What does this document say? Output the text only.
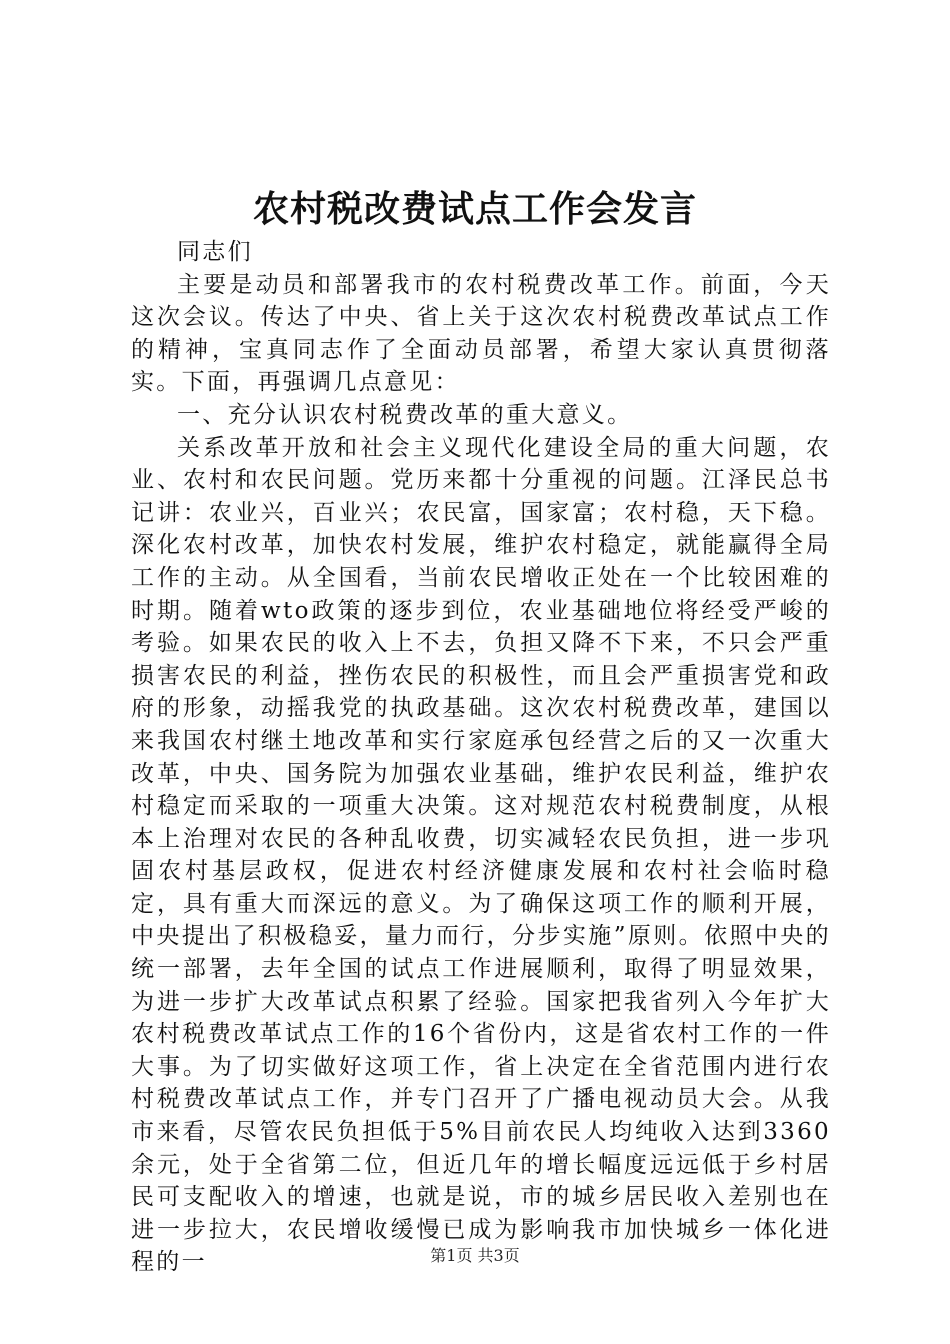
农村税改费试点工作会发言

同志们

主要是动员和部署我市的农村税费改革工作。前面，今天这次会议。传达了中央、省上关于这次农村税费改革试点工作的精神，宝真同志作了全面动员部署，希望大家认真贯彻落实。下面，再强调几点意见：

一、充分认识农村税费改革的重大意义。

关系改革开放和社会主义现代化建设全局的重大问题，农业、农村和农民问题。党历来都十分重视的问题。江泽民总书记讲：农业兴，百业兴；农民富，国家富；农村稳，天下稳。深化农村改革，加快农村发展，维护农村稳定，就能赢得全局工作的主动。从全国看，当前农民增收正处在一个比较困难的时期。随着wto政策的逐步到位，农业基础地位将经受严峻的考验。如果农民的收入上不去，负担又降不下来，不只会严重损害农民的利益，挫伤农民的积极性，而且会严重损害党和政府的形象，动摇我党的执政基础。这次农村税费改革，建国以来我国农村继土地改革和实行家庭承包经营之后的又一次重大改革，中央、国务院为加强农业基础，维护农民利益，维护农村稳定而采取的一项重大决策。这对规范农村税费制度，从根本上治理对农民的各种乱收费，切实减轻农民负担，进一步巩固农村基层政权，促进农村经济健康发展和农村社会临时稳定，具有重大而深远的意义。为了确保这项工作的顺利开展，中央提出了积极稳妥，量力而行，分步实施”原则。依照中央的统一部署，去年全国的试点工作进展顺利，取得了明显效果，为进一步扩大改革试点积累了经验。国家把我省列入今年扩大农村税费改革试点工作的16个省份内，这是省农村工作的一件大事。为了切实做好这项工作，省上决定在全省范围内进行农村税费改革试点工作，并专门召开了广播电视动员大会。从我市来看，尽管农民负担低于5%目前农民人均纯收入达到3360余元，处于全省第二位，但近几年的增长幅度远远低于乡村居民可支配收入的增速，也就是说，市的城乡居民收入差别也在进一步拉大，农民增收缓慢已成为影响我市加快城乡一体化进程的一	第1页 共3页
